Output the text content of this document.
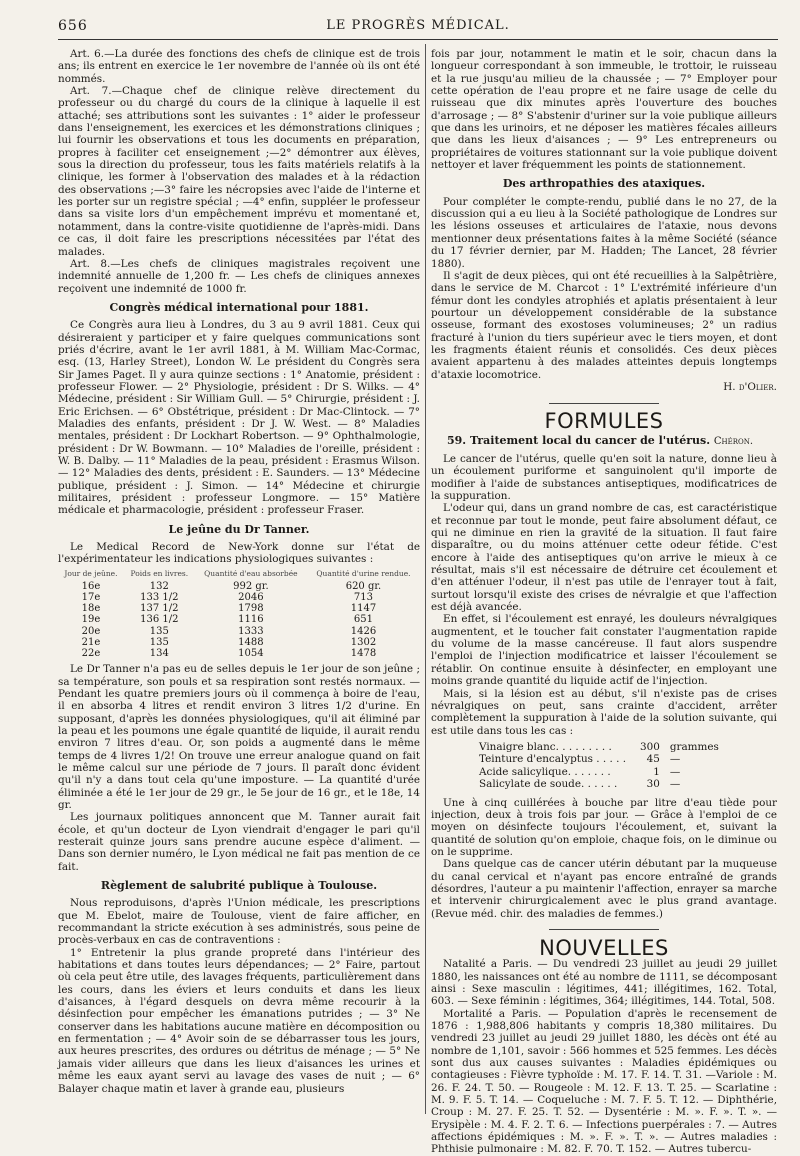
656	LE PROGRÈS MÉDICAL.

Art. 6.—La durée des fonctions des chefs de clinique est de trois ans; ils entrent en exercice le 1er novembre de l'année où ils ont été nommés.

Art. 7.—Chaque chef de clinique relève directement du professeur ou du chargé du cours de la clinique à laquelle il est attaché; ses attributions sont les suivantes : 1° aider le professeur dans l'enseignement, les exercices et les démonstrations cliniques ; lui fournir les observations et tous les documents en préparation, propres à faciliter cet enseignement ;—2° démontrer aux élèves, sous la direction du professeur, tous les faits matériels relatifs à la clinique, les former à l'observation des malades et à la rédaction des observations ;—3° faire les nécropsies avec l'aide de l'interne et les porter sur un registre spécial ; —4° enfin, suppléer le professeur dans sa visite lors d'un empêchement imprévu et momentané et, notamment, dans la contre-visite quotidienne de l'après-midi. Dans ce cas, il doit faire les prescriptions nécessitées par l'état des malades.

Art. 8.—Les chefs de cliniques magistrales reçoivent une indemnité annuelle de 1,200 fr. — Les chefs de cliniques annexes reçoivent une indemnité de 1000 fr.

Congrès médical international pour 1881.

Ce Congrès aura lieu à Londres, du 3 au 9 avril 1881. Ceux qui désireraient y participer et y faire quelques communications sont priés d'écrire, avant le 1er avril 1881, à M. William Mac-Cormac, esq. (13, Harley Street), London W. Le président du Congrès sera Sir James Paget. Il y aura quinze sections : 1° Anatomie, président : professeur Flower. — 2° Physiologie, président : Dr S. Wilks. — 4° Médecine, président : Sir William Gull. — 5° Chirurgie, président : J. Eric Erichsen. — 6° Obstétrique, président : Dr Mac-Clintock. — 7° Maladies des enfants, président : Dr J. W. West. — 8° Maladies mentales, président : Dr Lockhart Robertson. — 9° Ophthalmologie, président : Dr W. Bowmann. — 10° Maladies de l'oreille, président : W. B. Dalby. — 11° Maladies de la peau, président : Erasmus Wilson. — 12° Maladies des dents, président : E. Saunders. — 13° Médecine publique, président : J. Simon. — 14° Médecine et chirurgie militaires, président : professeur Longmore. — 15° Matière médicale et pharmacologie, président : professeur Fraser.

Le jeûne du Dr Tanner.

Le Medical Record de New-York donne sur l'état de l'expérimentateur les indications physiologiques suivantes :

Jour de jeûne.	Poids en livres.	Quantité d'eau absorbée	Quantité d'urine rendue.
16e	132	992 gr.	620 gr.
17e	133 1/2	2046	713
18e	137 1/2	1798	1147
19e	136 1/2	1116	651
20e	135	1333	1426
21e	135	1488	1302
22e	134	1054	1478

Le Dr Tanner n'a pas eu de selles depuis le 1er jour de son jeûne ; sa température, son pouls et sa respiration sont restés normaux. — Pendant les quatre premiers jours où il commença à boire de l'eau, il en absorba 4 litres et rendit environ 3 litres 1/2 d'urine. En supposant, d'après les données physiologiques, qu'il ait éliminé par la peau et les poumons une égale quantité de liquide, il aurait rendu environ 7 litres d'eau. Or, son poids a augmenté dans le même temps de 4 livres 1/2! On trouve une erreur analogue quand on fait le même calcul sur une période de 7 jours. Il paraît donc évident qu'il n'y a dans tout cela qu'une imposture. — La quantité d'urée éliminée a été le 1er jour de 29 gr., le 5e jour de 16 gr., et le 18e, 14 gr.

Les journaux politiques annoncent que M. Tanner aurait fait école, et qu'un docteur de Lyon viendrait d'engager le pari qu'il resterait quinze jours sans prendre aucune espèce d'aliment. — Dans son dernier numéro, le Lyon médical ne fait pas mention de ce fait.

Règlement de salubrité publique à Toulouse.

Nous reproduisons, d'après l'Union médicale, les prescriptions que M. Ebelot, maire de Toulouse, vient de faire afficher, en recommandant la stricte exécution à ses administrés, sous peine de procès-verbaux en cas de contraventions :

1° Entretenir la plus grande propreté dans l'intérieur des habitations et dans toutes leurs dépendances; — 2° Faire, partout où cela peut être utile, des lavages fréquents, particulièrement dans les cours, dans les éviers et leurs conduits et dans les lieux d'aisances, à l'égard desquels on devra même recourir à la désinfection pour empêcher les émanations putrides ; — 3° Ne conserver dans les habitations aucune matière en décomposition ou en fermentation ; — 4° Avoir soin de se débarrasser tous les jours, aux heures prescrites, des ordures ou détritus de ménage ; — 5° Ne jamais vider ailleurs que dans les lieux d'aisances les urines et même les eaux ayant servi au lavage des vases de nuit ; — 6° Balayer chaque matin et laver à grande eau, plusieurs

fois par jour, notamment le matin et le soir, chacun dans la longueur correspondant à son immeuble, le trottoir, le ruisseau et la rue jusqu'au milieu de la chaussée ; — 7° Employer pour cette opération de l'eau propre et ne faire usage de celle du ruisseau que dix minutes après l'ouverture des bouches d'arrosage ; — 8° S'abstenir d'uriner sur la voie publique ailleurs que dans les urinoirs, et ne déposer les matières fécales ailleurs que dans les lieux d'aisances ; — 9° Les entrepreneurs ou propriétaires de voitures stationnant sur la voie publique doivent nettoyer et laver fréquemment les points de stationnement.

Des arthropathies des ataxiques.

Pour compléter le compte-rendu, publié dans le no 27, de la discussion qui a eu lieu à la Société pathologique de Londres sur les lésions osseuses et articulaires de l'ataxie, nous devons mentionner deux présentations faites à la même Société (séance du 17 février dernier, par M. Hadden; The Lancet, 28 février 1880).

Il s'agit de deux pièces, qui ont été recueillies à la Salpêtrière, dans le service de M. Charcot : 1° L'extrémité inférieure d'un fémur dont les condyles atrophiés et aplatis présentaient à leur pourtour un développement considérable de la substance osseuse, formant des exostoses volumineuses; 2° un radius fracturé à l'union du tiers supérieur avec le tiers moyen, et dont les fragments étaient réunis et consolidés. Ces deux pièces avaient appartenu à des malades atteintes depuis longtemps d'ataxie locomotrice.

H. d'Olier.
FORMULES
59. Traitement local du cancer de l'utérus. Chéron.

Le cancer de l'utérus, quelle qu'en soit la nature, donne lieu à un écoulement puriforme et sanguinolent qu'il importe de modifier à l'aide de substances antiseptiques, modificatrices de la suppuration.

L'odeur qui, dans un grand nombre de cas, est caractéristique et reconnue par tout le monde, peut faire absolument défaut, ce qui ne diminue en rien la gravité de la situation. Il faut faire disparaître, ou du moins atténuer cette odeur fétide. C'est encore à l'aide des antiseptiques qu'on arrive le mieux à ce résultat, mais s'il est nécessaire de détruire cet écoulement et d'en atténuer l'odeur, il n'est pas utile de l'enrayer tout à fait, surtout lorsqu'il existe des crises de névralgie et que l'affection est déjà avancée.

En effet, si l'écoulement est enrayé, les douleurs névralgiques augmentent, et le toucher fait constater l'augmentation rapide du volume de la masse cancéreuse. Il faut alors suspendre l'emploi de l'injection modificatrice et laisser l'écoulement se rétablir. On continue ensuite à désinfecter, en employant une moins grande quantité du liquide actif de l'injection.

Mais, si la lésion est au début, s'il n'existe pas de crises névralgiques on peut, sans crainte d'accident, arrêter complètement la suppuration à l'aide de la solution suivante, qui est utile dans tous les cas :

Vinaigre blanc. . . . . . . . .	300	grammes
Teinture d'encalyptus . . . . .	45	—
Acide salicylique. . . . . . .	1	—
Salicylate de soude. . . . . .	30	—

Une à cinq cuillérées à bouche par litre d'eau tiède pour injection, deux à trois fois par jour. — Grâce à l'emploi de ce moyen on désinfecte toujours l'écoulement, et, suivant la quantité de solution qu'on emploie, chaque fois, on le diminue ou on le supprime.

Dans quelque cas de cancer utérin débutant par la muqueuse du canal cervical et n'ayant pas encore entraîné de grands désordres, l'auteur a pu maintenir l'affection, enrayer sa marche et intervenir chirurgicalement avec le plus grand avantage. (Revue méd. chir. des maladies de femmes.)

NOUVELLES

Natalité a Paris. — Du vendredi 23 juillet au jeudi 29 juillet 1880, les naissances ont été au nombre de 1111, se décomposant ainsi : Sexe masculin : légitimes, 441; illégitimes, 162. Total, 603. — Sexe féminin : légitimes, 364; illégitimes, 144. Total, 508.

Mortalité a Paris. — Population d'après le recensement de 1876 : 1,988,806 habitants y compris 18,380 militaires. Du vendredi 23 juillet au jeudi 29 juillet 1880, les décès ont été au nombre de 1,101, savoir : 566 hommes et 525 femmes. Les décès sont dus aux causes suivantes : Maladies épidémiques ou contagieuses : Fièvre typhoïde : M. 17. F. 14. T. 31. —Variole : M. 26. F. 24. T. 50. — Rougeole : M. 12. F. 13. T. 25. — Scarlatine : M. 9. F. 5. T. 14. — Coqueluche : M. 7. F. 5. T. 12. — Diphthérie, Croup : M. 27. F. 25. T. 52. — Dysentérie : M. ». F. ». T. ». — Erysipèle : M. 4. F. 2. T. 6. — Infections puerpérales : 7. — Autres affections épidémiques : M. ». F. ». T. ». — Autres maladies : Phthisie pulmonaire : M. 82. F. 70. T. 152. — Autres tubercu-
